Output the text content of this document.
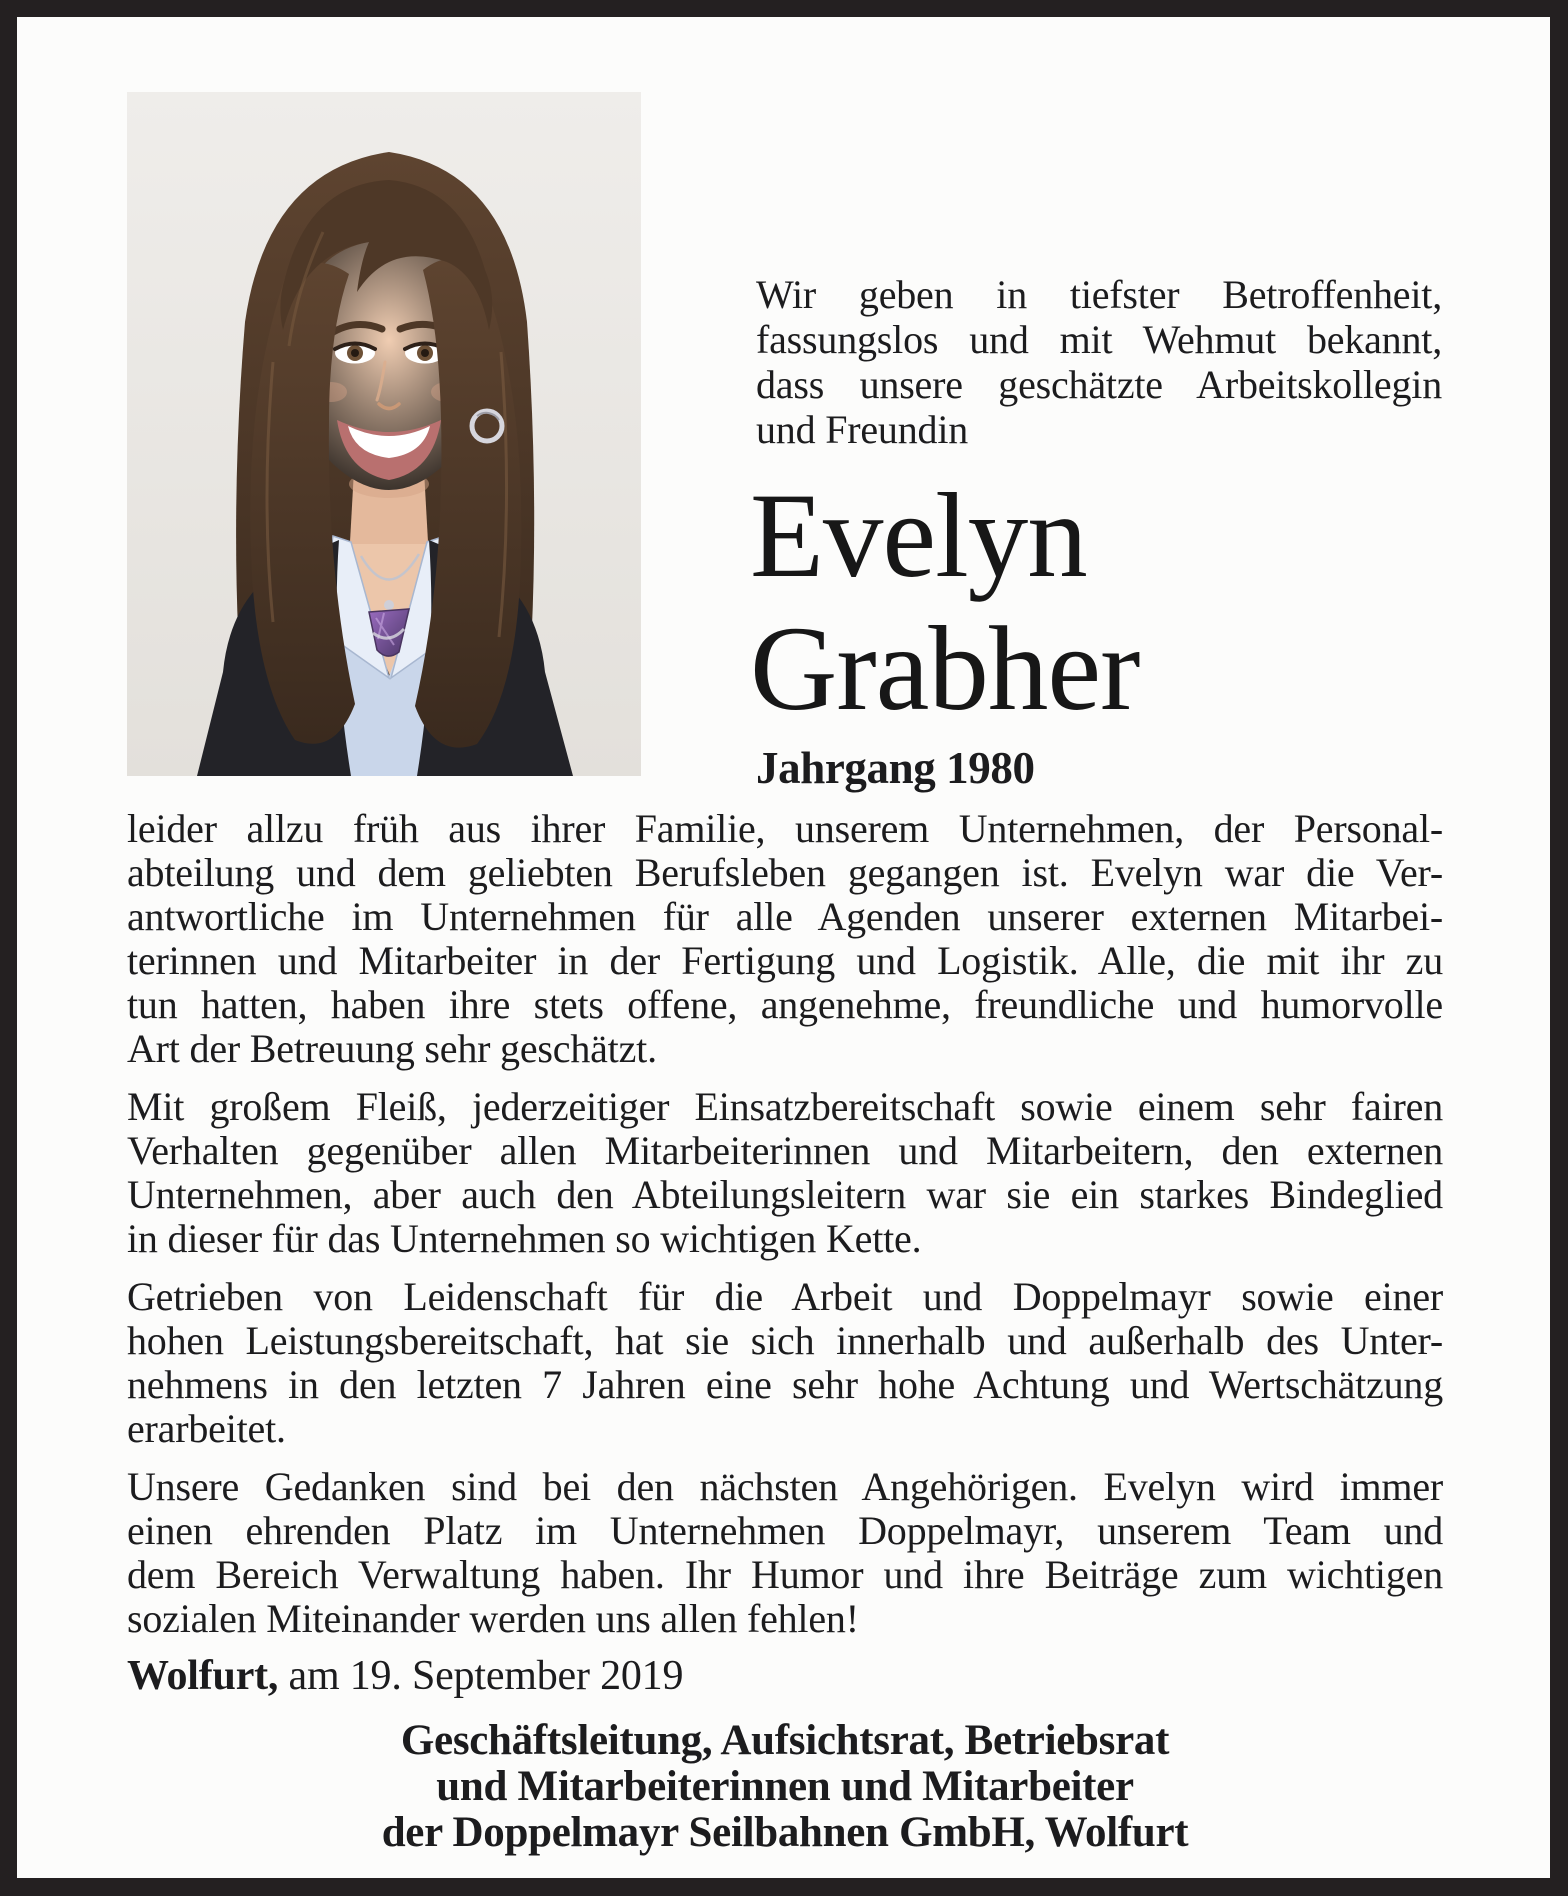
Wir geben in tiefster Betroffenheit,
fassungslos und mit Wehmut bekannt,
dass unsere geschätzte Arbeitskollegin
und Freundin
Evelyn
Grabher
Jahrgang 1980
leider allzu früh aus ihrer Familie, unserem Unternehmen, der Personal-
abteilung und dem geliebten Berufsleben gegangen ist. Evelyn war die Ver-
antwortliche im Unternehmen für alle Agenden unserer externen Mitarbei-
terinnen und Mitarbeiter in der Fertigung und Logistik. Alle, die mit ihr zu
tun hatten, haben ihre stets offene, angenehme, freundliche und humorvolle
Art der Betreuung sehr geschätzt.
Mit großem Fleiß, jederzeitiger Einsatzbereitschaft sowie einem sehr fairen
Verhalten gegenüber allen Mitarbeiterinnen und Mitarbeitern, den externen
Unternehmen, aber auch den Abteilungsleitern war sie ein starkes Bindeglied
in dieser für das Unternehmen so wichtigen Kette.
Getrieben von Leidenschaft für die Arbeit und Doppelmayr sowie einer
hohen Leistungsbereitschaft, hat sie sich innerhalb und außerhalb des Unter-
nehmens in den letzten 7 Jahren eine sehr hohe Achtung und Wertschätzung
erarbeitet.
Unsere Gedanken sind bei den nächsten Angehörigen. Evelyn wird immer
einen ehrenden Platz im Unternehmen Doppelmayr, unserem Team und
dem Bereich Verwaltung haben. Ihr Humor und ihre Beiträge zum wichtigen
sozialen Miteinander werden uns allen fehlen!
Wolfurt, am 19. September 2019
Geschäftsleitung, Aufsichtsrat, Betriebsrat
und Mitarbeiterinnen und Mitarbeiter
der Doppelmayr Seilbahnen GmbH, Wolfurt
